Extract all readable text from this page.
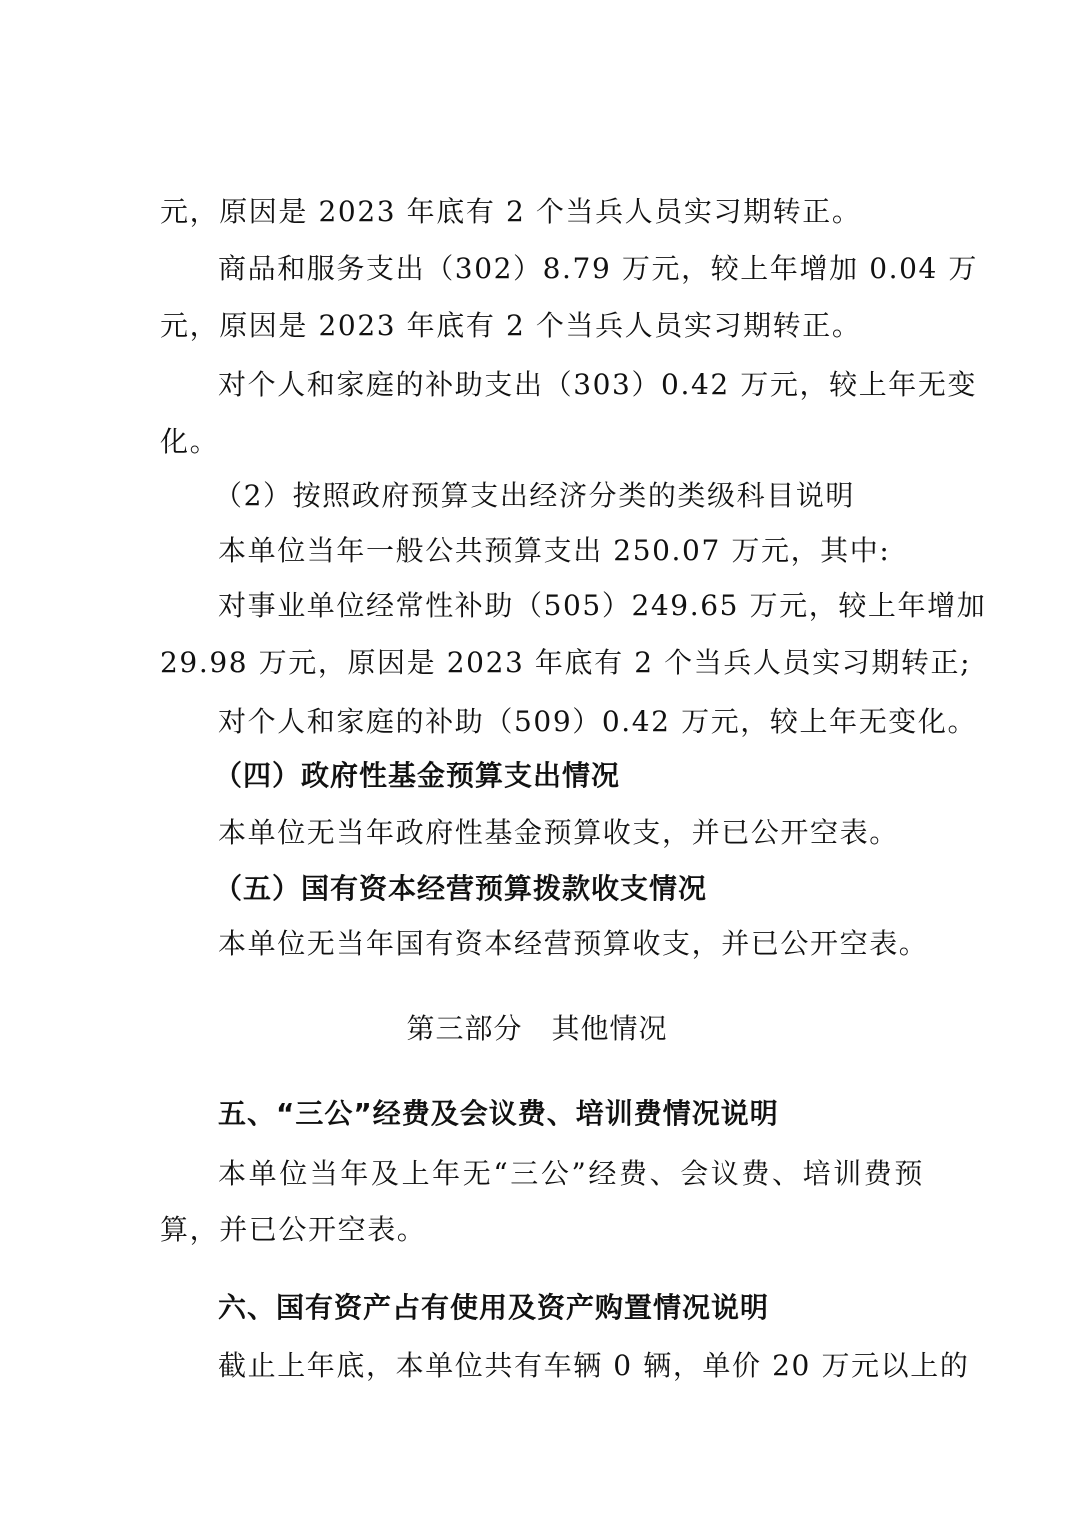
元，原因是 2023 年底有 2 个当兵人员实习期转正。

商品和服务支出（302）8.79 万元，较上年增加 0.04 万

元，原因是 2023 年底有 2 个当兵人员实习期转正。

对个人和家庭的补助支出（303）0.42 万元，较上年无变

化。

（2）按照政府预算支出经济分类的类级科目说明

本单位当年一般公共预算支出 250.07 万元，其中:

对事业单位经常性补助（505）249.65 万元，较上年增加

29.98 万元，原因是 2023 年底有 2 个当兵人员实习期转正;

对个人和家庭的补助（509）0.42 万元，较上年无变化。

（四）政府性基金预算支出情况

本单位无当年政府性基金预算收支，并已公开空表。

（五）国有资本经营预算拨款收支情况

本单位无当年国有资本经营预算收支，并已公开空表。

第三部分　其他情况

五、“三公”经费及会议费、培训费情况说明

本单位当年及上年无“三公”经费、会议费、培训费预

算，并已公开空表。

六、国有资产占有使用及资产购置情况说明

截止上年底，本单位共有车辆 0 辆，单价 20 万元以上的
